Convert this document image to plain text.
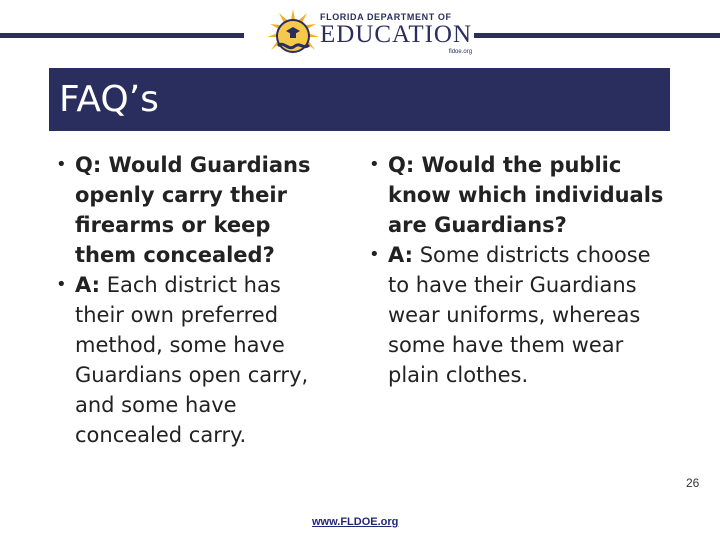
FLORIDA DEPARTMENT OF
EDUCATION
fldoe.org
FAQ’s

• Q: Would Guardians openly carry their firearms or keep them concealed?

• A: Each district has their own preferred method, some have Guardians open carry, and some have concealed carry.

• Q: Would the public know which individuals are Guardians?

• A: Some districts choose to have their Guardians wear uniforms, whereas some have them wear plain clothes.

www.FLDOE.org
26
